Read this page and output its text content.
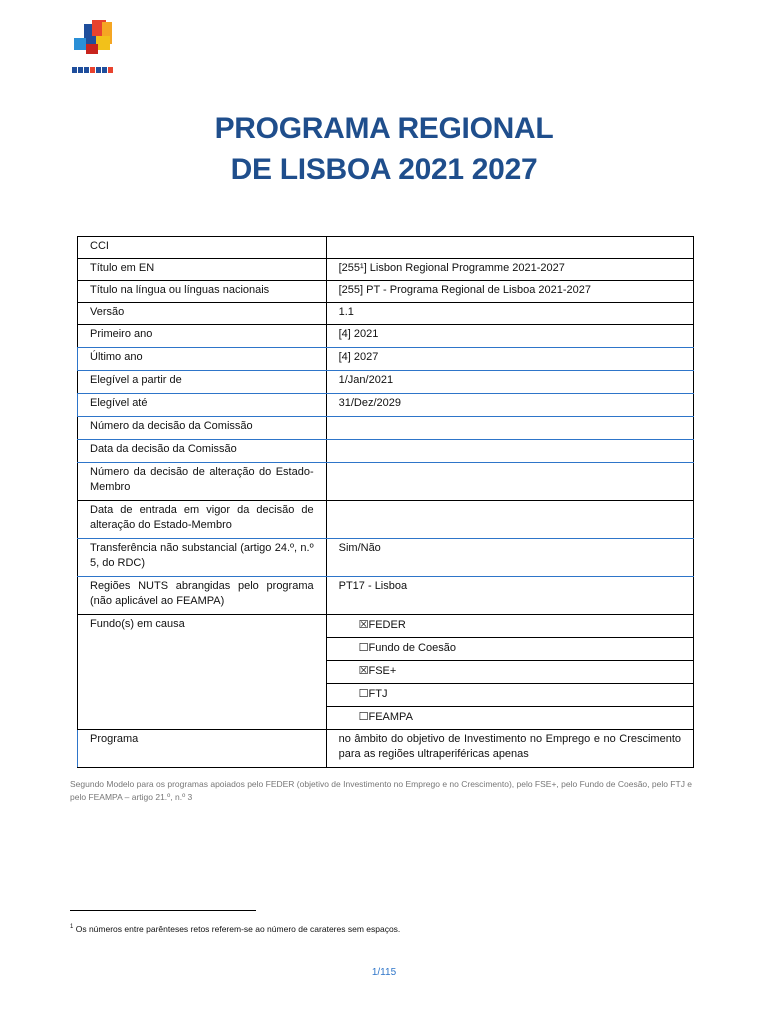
PROGRAMA REGIONAL
DE LISBOA 2021 2027
CCI	
Título em EN	[255¹] Lisbon Regional Programme 2021-2027
Título na língua ou línguas nacionais	[255] PT - Programa Regional de Lisboa 2021-2027
Versão	1.1
Primeiro ano	[4] 2021
Último ano	[4] 2027
Elegível a partir de	1/Jan/2021
Elegível até	31/Dez/2029
Número da decisão da Comissão	
Data da decisão da Comissão	
Número da decisão de alteração do Estado-Membro	
Data de entrada em vigor da decisão de alteração do Estado-Membro	
Transferência não substancial (artigo 24.º, n.º 5, do RDC)	Sim/Não
Regiões NUTS abrangidas pelo programa (não aplicável ao FEAMPA)	PT17 - Lisboa
Fundo(s) em causa	☒FEDER
	☐Fundo de Coesão
	☒FSE+
	☐FTJ
	☐FEAMPA
Programa	no âmbito do objetivo de Investimento no Emprego e no Crescimento para as regiões ultraperiféricas apenas
Segundo Modelo para os programas apoiados pelo FEDER (objetivo de Investimento no Emprego e no Crescimento), pelo FSE+, pelo Fundo de Coesão, pelo FTJ e pelo FEAMPA – artigo 21.º, n.º 3
$^1$ Os números entre parênteses retos referem-se ao número de carateres sem espaços.
1/115
